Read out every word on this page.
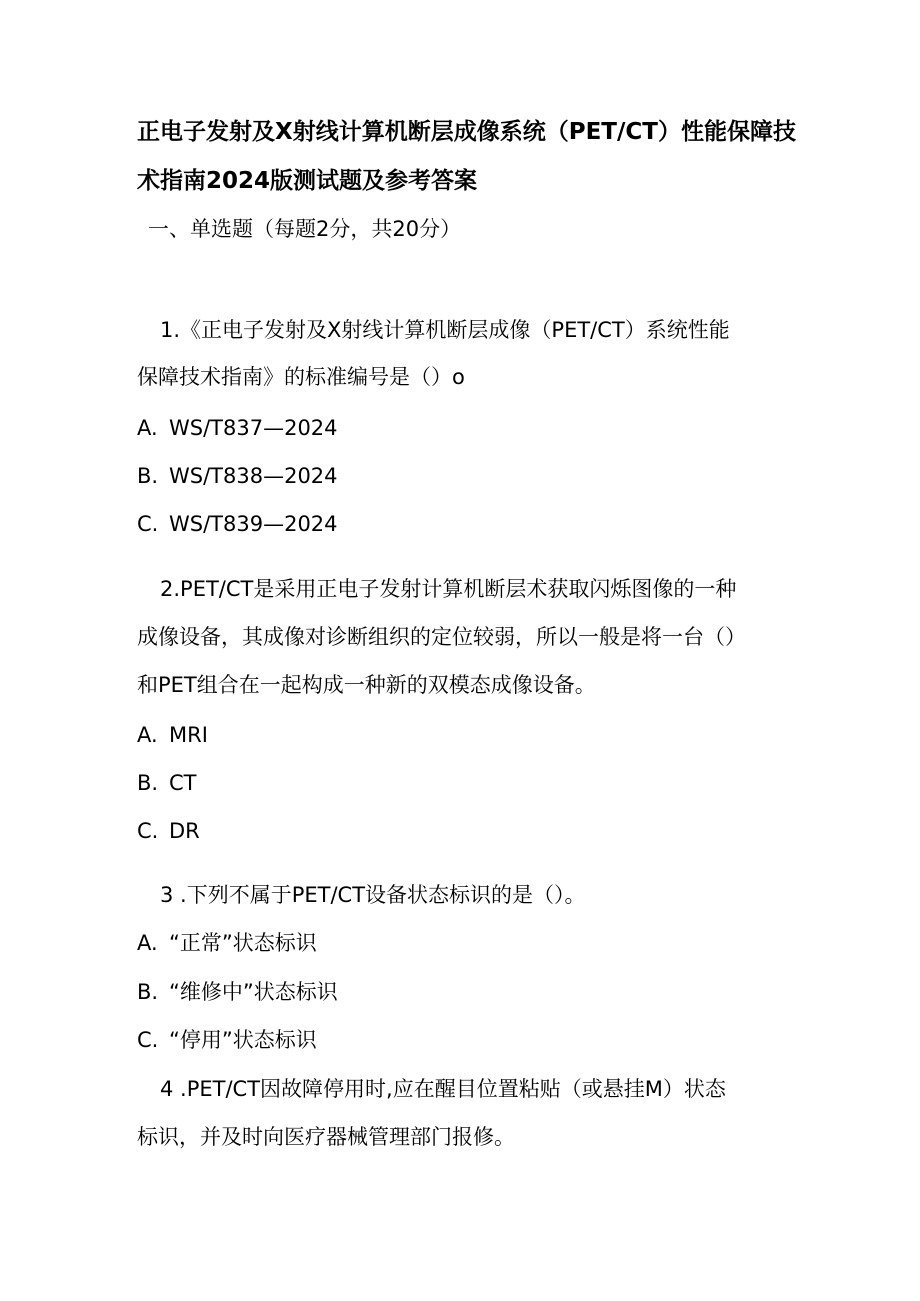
正电子发射及X射线计算机断层成像系统（PET/CT）性能保障技
术指南2024版测试题及参考答案
一、单选题（每题2分，共20分）
1.《正电子发射及X射线计算机断层成像（PET/CT）系统性能
保障技术指南》的标准编号是（）o
A. WS/T837—2024
B. WS/T838—2024
C. WS/T839—2024
2.PET/CT是采用正电子发射计算机断层术获取闪烁图像的一种
成像设备，其成像对诊断组织的定位较弱，所以一般是将一台（）
和PET组合在一起构成一种新的双模态成像设备。
A. MRI
B. CT
C. DR
3 .下列不属于PET/CT设备状态标识的是（）。
A. “正常”状态标识
B. “维修中”状态标识
C. “停用”状态标识
4 .PET/CT因故障停用时,应在醒目位置粘贴（或悬挂M）状态
标识，并及时向医疗器械管理部门报修。
